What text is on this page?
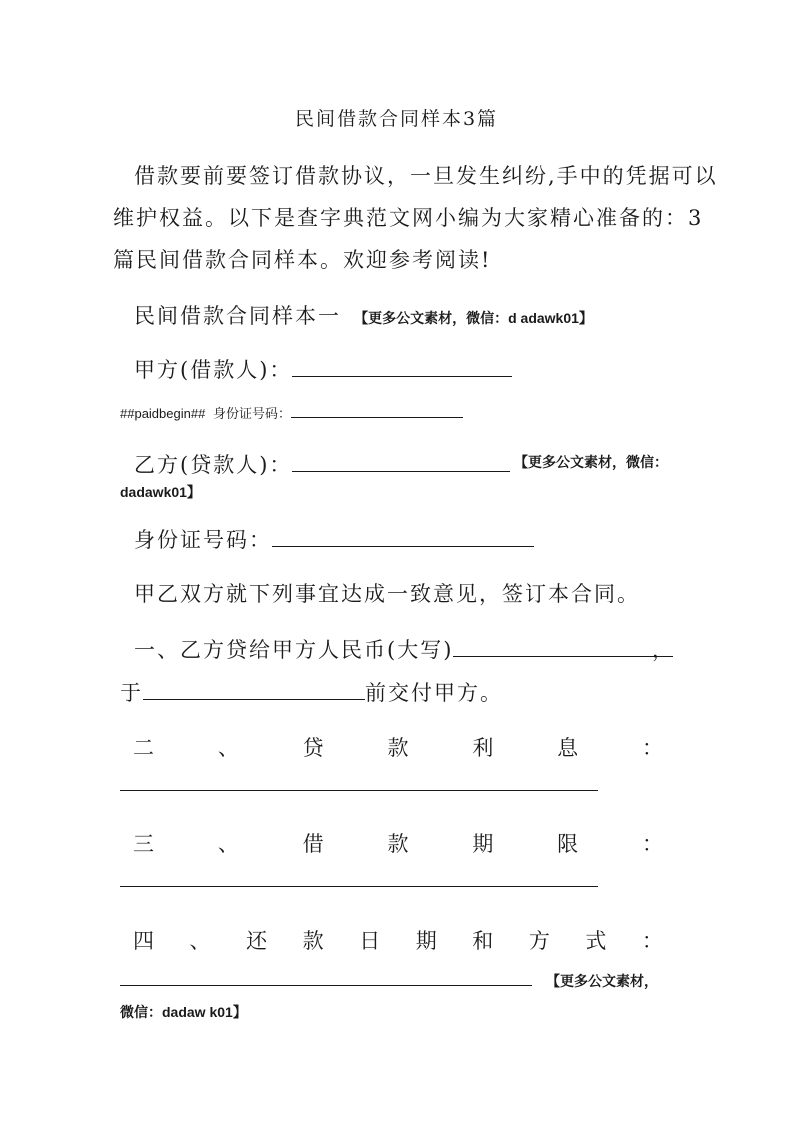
民间借款合同样本3篇
借款要前要签订借款协议，一旦发生纠纷,手中的凭据可以
维护权益。以下是查字典范文网小编为大家精心准备的：3
篇民间借款合同样本。欢迎参考阅读!
民间借款合同样本一 【更多公文素材，微信：d adawk01】
甲方(借款人)：
##paidbegin## 身份证号码：
乙方(贷款人)：	【更多公文素材，微信：
dadawk01】
身份证号码：
甲乙双方就下列事宜达成一致意见，签订本合同。
一、乙方贷给甲方人民币(大写)	，
于	前交付甲方。
二	、	贷	款	利	息	：
三	、	借	款	期	限	：
四 、 还 款 日 期 和 方 式 ：
【更多公文素材，
微信：dadaw k01】
